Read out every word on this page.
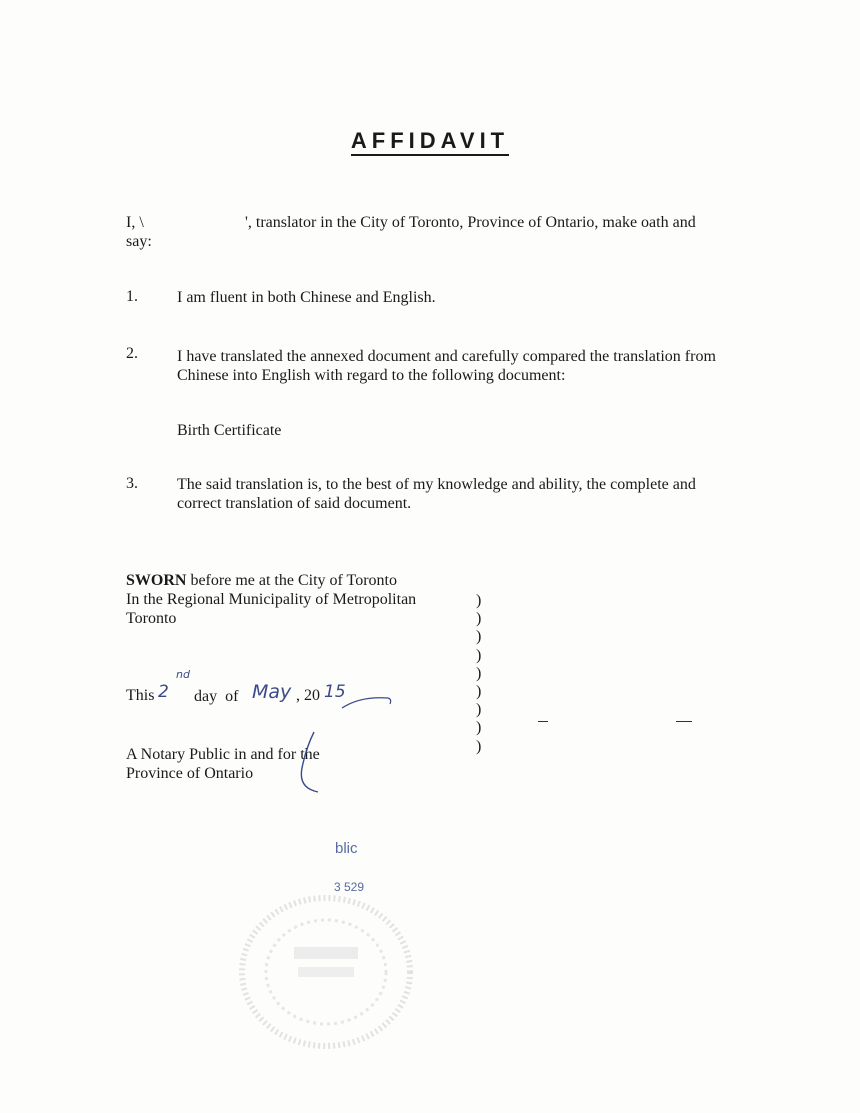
AFFIDAVIT
I, \	', translator in the City of Toronto, Province of Ontario, make oath and
say:
1. I am fluent in both Chinese and English.
2. I have translated the annexed document and carefully compared the translation from Chinese into English with regard to the following document:
Birth Certificate
3. The said translation is, to the best of my knowledge and ability, the complete and correct translation of said document.
SWORN before me at the City of Toronto
In the Regional Municipality of Metropolitan
Toronto
)
)
)
)
)
)
)
)
)
This 2
nd
day  of May , 20 15
A Notary Public in and for the
Province of Ontario
blic
3 529
